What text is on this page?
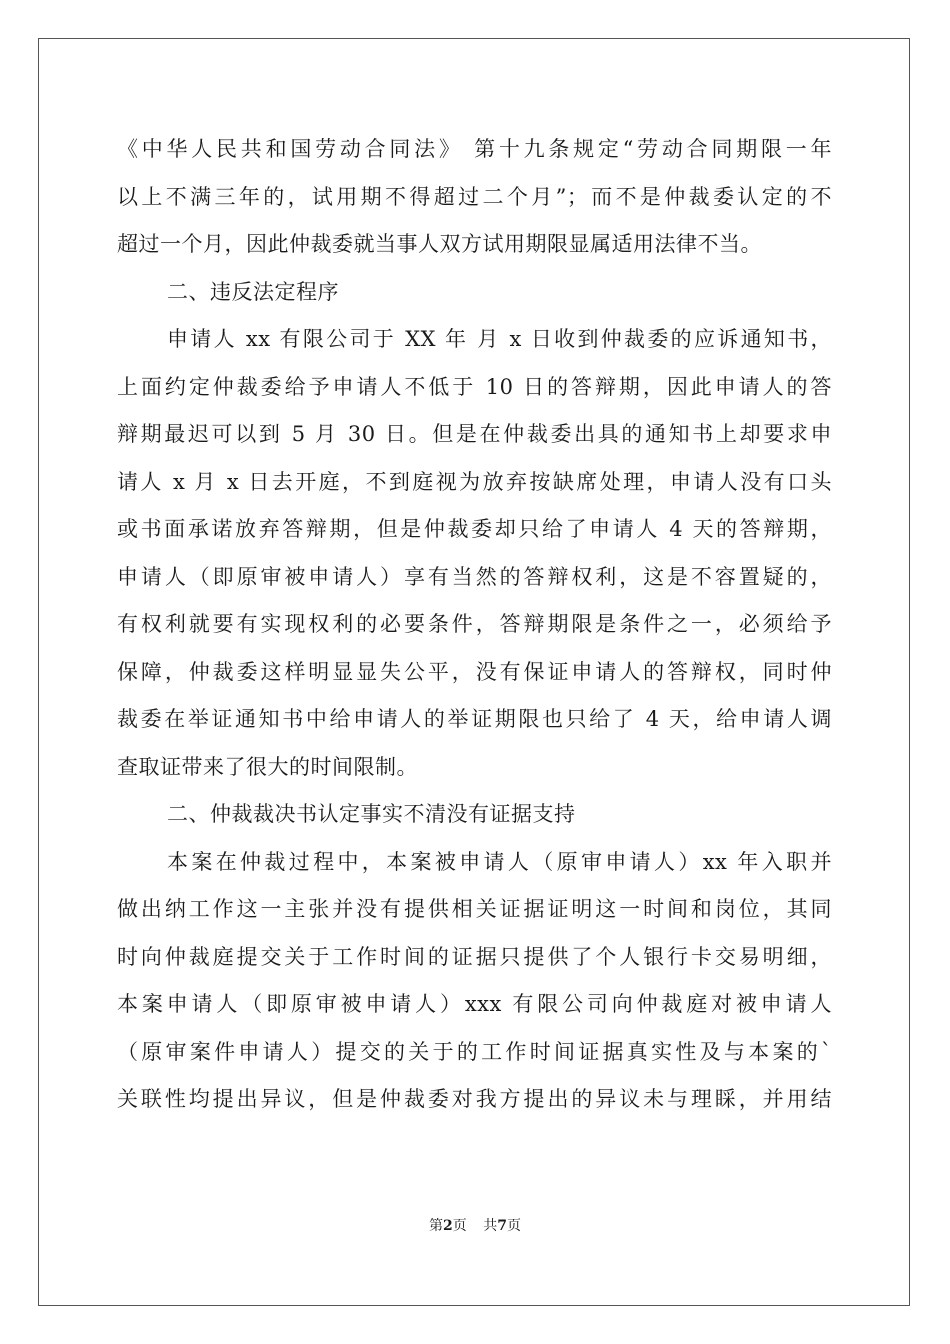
《中华人民共和国劳动合同法》 第十九条规定“劳动合同期限一年
以上不满三年的，试用期不得超过二个月”；而不是仲裁委认定的不
超过一个月，因此仲裁委就当事人双方试用期限显属适用法律不当。
二、违反法定程序
申请人 xx 有限公司于 XX 年 月 x 日收到仲裁委的应诉通知书，
上面约定仲裁委给予申请人不低于 10 日的答辩期，因此申请人的答
辩期最迟可以到 5 月 30 日。但是在仲裁委出具的通知书上却要求申
请人 x 月 x 日去开庭，不到庭视为放弃按缺席处理，申请人没有口头
或书面承诺放弃答辩期，但是仲裁委却只给了申请人 4 天的答辩期，
申请人（即原审被申请人）享有当然的答辩权利，这是不容置疑的，
有权利就要有实现权利的必要条件，答辩期限是条件之一，必须给予
保障，仲裁委这样明显显失公平，没有保证申请人的答辩权，同时仲
裁委在举证通知书中给申请人的举证期限也只给了 4 天，给申请人调
查取证带来了很大的时间限制。
二、仲裁裁决书认定事实不清没有证据支持
本案在仲裁过程中，本案被申请人（原审申请人）xx 年入职并
做出纳工作这一主张并没有提供相关证据证明这一时间和岗位，其同
时向仲裁庭提交关于工作时间的证据只提供了个人银行卡交易明细，
本案申请人（即原审被申请人）xxx 有限公司向仲裁庭对被申请人
（原审案件申请人）提交的关于的工作时间证据真实性及与本案的`
关联性均提出异议，但是仲裁委对我方提出的异议未与理睬，并用结
第2页 共7页
